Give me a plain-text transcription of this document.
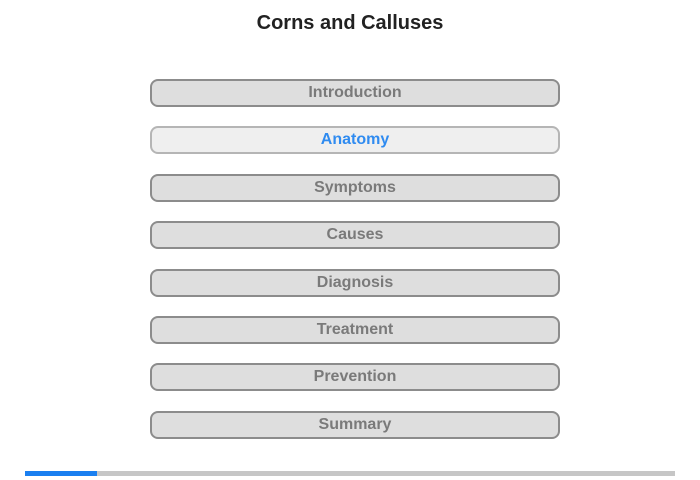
Corns and Calluses
Introduction
Anatomy
Symptoms
Causes
Diagnosis
Treatment
Prevention
Summary
